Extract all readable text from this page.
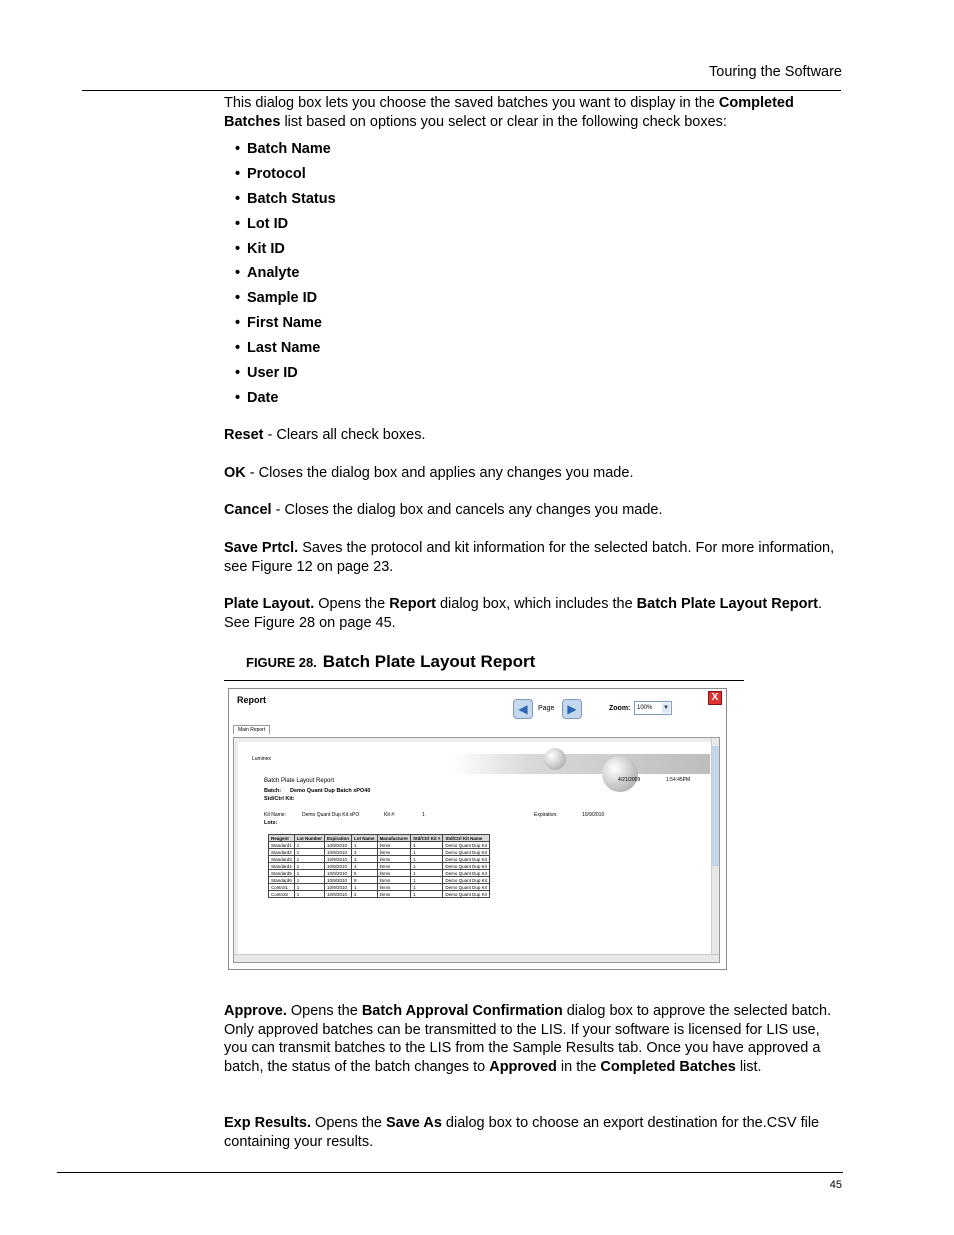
Touring the Software
This dialog box lets you choose the saved batches you want to display in the Completed Batches list based on options you select or clear in the following check boxes:
• Batch Name
• Protocol
• Batch Status
• Lot ID
• Kit ID
• Analyte
• Sample ID
• First Name
• Last Name
• User ID
• Date
Reset - Clears all check boxes.
OK - Closes the dialog box and applies any changes you made.
Cancel - Closes the dialog box and cancels any changes you made.
Save Prtcl. Saves the protocol and kit information for the selected batch. For more information, see Figure 12 on page 23.
Plate Layout. Opens the Report dialog box, which includes the Batch Plate Layout Report. See Figure 28 on page 45.
FIGURE 28. Batch Plate Layout Report
Report	X
◀	Page	▶	Zoom:	100% ▼
Main Report
Luminex
Batch Plate Layout Report	4/21/2009	1:54:45PM
Batch: Demo Quant Dup Batch xPO40
Std/Ctrl Kit:
Kit Name:	Demo Quant Dup Kit xPO	Kit #:	1	Expiration:	10/9/2010
Lots:
Reagent	Lot Number	Expiration	Lot Name	Manufacturer	Std/Ctrl Kit #	Std/Ctrl Kit Name
Standard1	1	10/9/2010	1	lmms	1	Demo Quant Dup Kit
Standard2	1	10/9/2010	3	lmms	1	Demo Quant Dup Kit
Standard3	1	10/9/2010	3	lmms	1	Demo Quant Dup Kit
Standard4	1	10/9/2010	4	lmms	1	Demo Quant Dup Kit
Standard5	1	10/9/2010	5	lmms	1	Demo Quant Dup Kit
Standard6	1	10/9/2010	9	lmms	1	Demo Quant Dup Kit
Control1	1	10/9/2010	1	lmms	1	Demo Quant Dup Kit
Control2	1	10/9/2010	2	lmms	1	Demo Quant Dup Kit
Approve. Opens the Batch Approval Confirmation dialog box to approve the selected batch. Only approved batches can be transmitted to the LIS. If your software is licensed for LIS use, you can transmit batches to the LIS from the Sample Results tab. Once you have approved a batch, the status of the batch changes to Approved in the Completed Batches list.
Exp Results. Opens the Save As dialog box to choose an export destination for the.CSV file containing your results.
45
